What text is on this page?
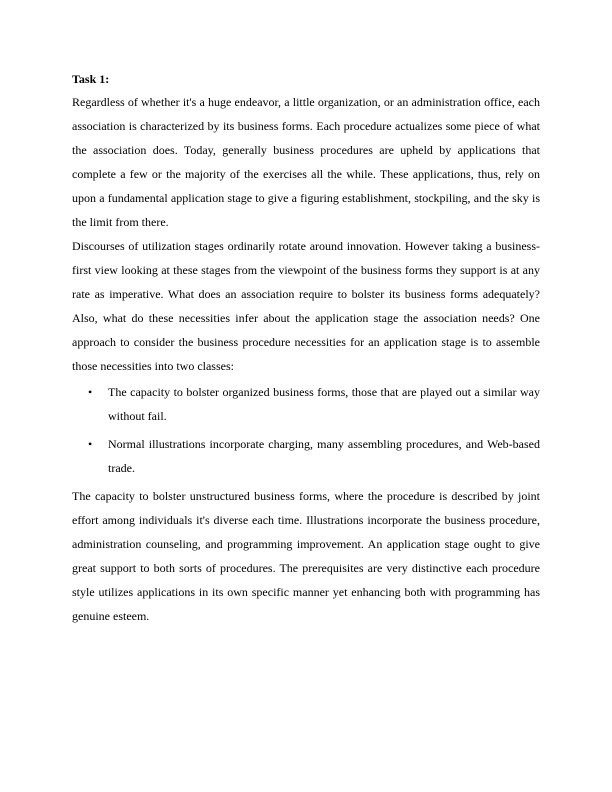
Task 1:

Regardless of whether it's a huge endeavor, a little organization, or an administration office, each association is characterized by its business forms. Each procedure actualizes some piece of what the association does. Today, generally business procedures are upheld by applications that complete a few or the majority of the exercises all the while. These applications, thus, rely on upon a fundamental application stage to give a figuring establishment, stockpiling, and the sky is the limit from there.

Discourses of utilization stages ordinarily rotate around innovation. However taking a business-first view looking at these stages from the viewpoint of the business forms they support is at any rate as imperative. What does an association require to bolster its business forms adequately? Also, what do these necessities infer about the application stage the association needs? One approach to consider the business procedure necessities for an application stage is to assemble those necessities into two classes:

• The capacity to bolster organized business forms, those that are played out a similar way without fail.
• Normal illustrations incorporate charging, many assembling procedures, and Web-based trade.

The capacity to bolster unstructured business forms, where the procedure is described by joint effort among individuals it's diverse each time. Illustrations incorporate the business procedure, administration counseling, and programming improvement. An application stage ought to give great support to both sorts of procedures. The prerequisites are very distinctive each procedure style utilizes applications in its own specific manner yet enhancing both with programming has genuine esteem.
